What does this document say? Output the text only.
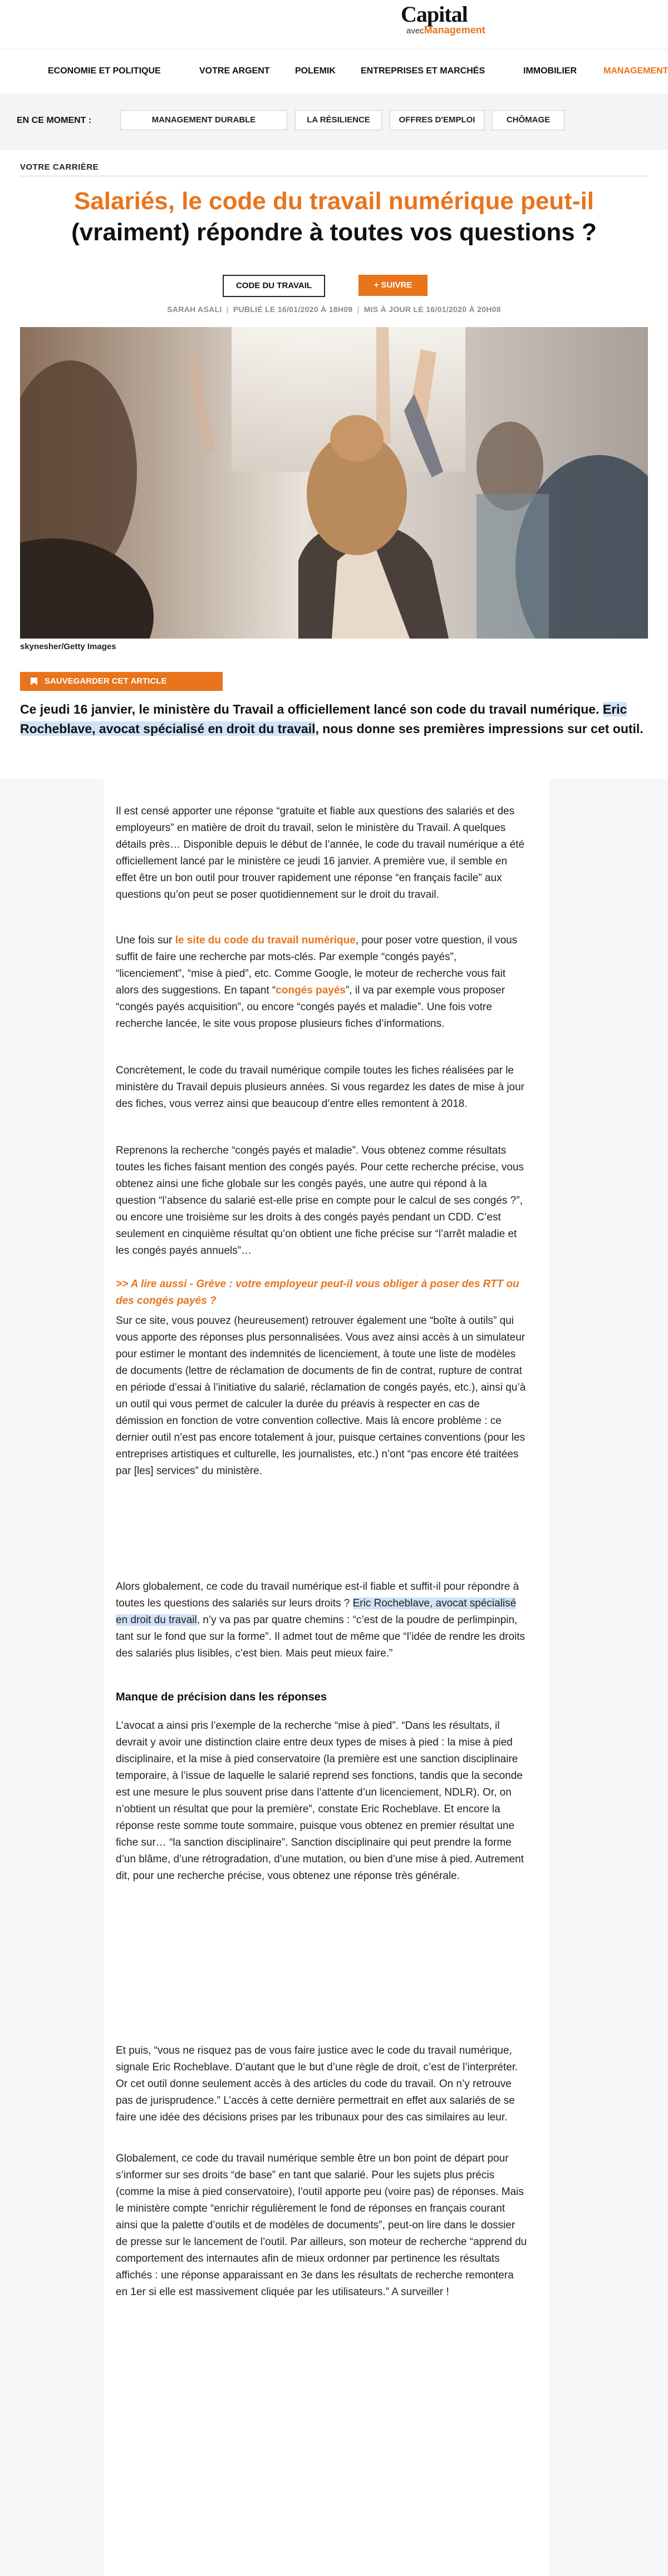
Capital
avecManagement
ECONOMIE ET POLITIQUE	VOTRE ARGENT	POLEMIK	ENTREPRISES ET MARCHÉS	IMMOBILIER	MANAGEMENT
EN CE MOMENT :	MANAGEMENT DURABLE	LA RÉSILIENCE	OFFRES D'EMPLOI	CHÔMAGE
VOTRE CARRIÈRE
Salariés, le code du travail numérique peut-il
(vraiment) répondre à toutes vos questions ?
CODE DU TRAVAIL	+ SUIVRE
SARAH ASALI | PUBLIÉ LE 16/01/2020 À 18H09 | MIS À JOUR LE 16/01/2020 À 20H08
skynesher/Getty Images
SAUVEGARDER CET ARTICLE
Ce jeudi 16 janvier, le ministère du Travail a officiellement lancé son code du travail numérique. Eric Rocheblave, avocat spécialisé en droit du travail, nous donne ses premières impressions sur cet outil.
Il est censé apporter une réponse “gratuite et fiable aux questions des salariés et des employeurs” en matière de droit du travail, selon le ministère du Travail. A quelques détails près… Disponible depuis le début de l’année, le code du travail numérique a été officiellement lancé par le ministère ce jeudi 16 janvier. A première vue, il semble en effet être un bon outil pour trouver rapidement une réponse “en français facile” aux questions qu’on peut se poser quotidiennement sur le droit du travail.
Une fois sur le site du code du travail numérique, pour poser votre question, il vous suffit de faire une recherche par mots-clés. Par exemple “congés payés”, “licenciement”, “mise à pied”, etc. Comme Google, le moteur de recherche vous fait alors des suggestions. En tapant “congés payés”, il va par exemple vous proposer “congés payés acquisition”, ou encore “congés payés et maladie”. Une fois votre recherche lancée, le site vous propose plusieurs fiches d’informations.
Concrètement, le code du travail numérique compile toutes les fiches réalisées par le ministère du Travail depuis plusieurs années. Si vous regardez les dates de mise à jour des fiches, vous verrez ainsi que beaucoup d’entre elles remontent à 2018.
Reprenons la recherche “congés payés et maladie”. Vous obtenez comme résultats toutes les fiches faisant mention des congés payés. Pour cette recherche précise, vous obtenez ainsi une fiche globale sur les congés payés, une autre qui répond à la question “l’absence du salarié est-elle prise en compte pour le calcul de ses congés ?”, ou encore une troisième sur les droits à des congés payés pendant un CDD. C’est seulement en cinquième résultat qu’on obtient une fiche précise sur “l’arrêt maladie et les congés payés annuels”…
>> A lire aussi - Grève : votre employeur peut-il vous obliger à poser des RTT ou des congés payés ?
Sur ce site, vous pouvez (heureusement) retrouver également une “boîte à outils” qui vous apporte des réponses plus personnalisées. Vous avez ainsi accès à un simulateur pour estimer le montant des indemnités de licenciement, à toute une liste de modèles de documents (lettre de réclamation de documents de fin de contrat, rupture de contrat en période d’essai à l’initiative du salarié, réclamation de congés payés, etc.), ainsi qu’à un outil qui vous permet de calculer la durée du préavis à respecter en cas de démission en fonction de votre convention collective. Mais là encore problème : ce dernier outil n’est pas encore totalement à jour, puisque certaines conventions (pour les entreprises artistiques et culturelle, les journalistes, etc.) n’ont “pas encore été traitées par [les] services” du ministère.
Alors globalement, ce code du travail numérique est-il fiable et suffit-il pour répondre à toutes les questions des salariés sur leurs droits ? Eric Rocheblave, avocat spécialisé en droit du travail, n’y va pas par quatre chemins : “c’est de la poudre de perlimpinpin, tant sur le fond que sur la forme”. Il admet tout de même que “l’idée de rendre les droits des salariés plus lisibles, c’est bien. Mais peut mieux faire.”
Manque de précision dans les réponses
L’avocat a ainsi pris l’exemple de la recherche “mise à pied”. “Dans les résultats, il devrait y avoir une distinction claire entre deux types de mises à pied : la mise à pied disciplinaire, et la mise à pied conservatoire (la première est une sanction disciplinaire temporaire, à l’issue de laquelle le salarié reprend ses fonctions, tandis que la seconde est une mesure le plus souvent prise dans l’attente d’un licenciement, NDLR). Or, on n’obtient un résultat que pour la première”, constate Eric Rocheblave. Et encore la réponse reste somme toute sommaire, puisque vous obtenez en premier résultat une fiche sur… “la sanction disciplinaire”. Sanction disciplinaire qui peut prendre la forme d’un blâme, d’une rétrogradation, d’une mutation, ou bien d’une mise à pied. Autrement dit, pour une recherche précise, vous obtenez une réponse très générale.
Et puis, “vous ne risquez pas de vous faire justice avec le code du travail numérique, signale Eric Rocheblave. D’autant que le but d’une règle de droit, c’est de l’interpréter. Or cet outil donne seulement accès à des articles du code du travail. On n’y retrouve pas de jurisprudence.” L’accès à cette dernière permettrait en effet aux salariés de se faire une idée des décisions prises par les tribunaux pour des cas similaires au leur.
Globalement, ce code du travail numérique semble être un bon point de départ pour s’informer sur ses droits “de base” en tant que salarié. Pour les sujets plus précis (comme la mise à pied conservatoire), l’outil apporte peu (voire pas) de réponses. Mais le ministère compte “enrichir régulièrement le fond de réponses en français courant ainsi que la palette d’outils et de modèles de documents”, peut-on lire dans le dossier de presse sur le lancement de l’outil. Par ailleurs, son moteur de recherche “apprend du comportement des internautes afin de mieux ordonner par pertinence les résultats affichés : une réponse apparaissant en 3e dans les résultats de recherche remontera en 1er si elle est massivement cliquée par les utilisateurs.” A surveiller !
